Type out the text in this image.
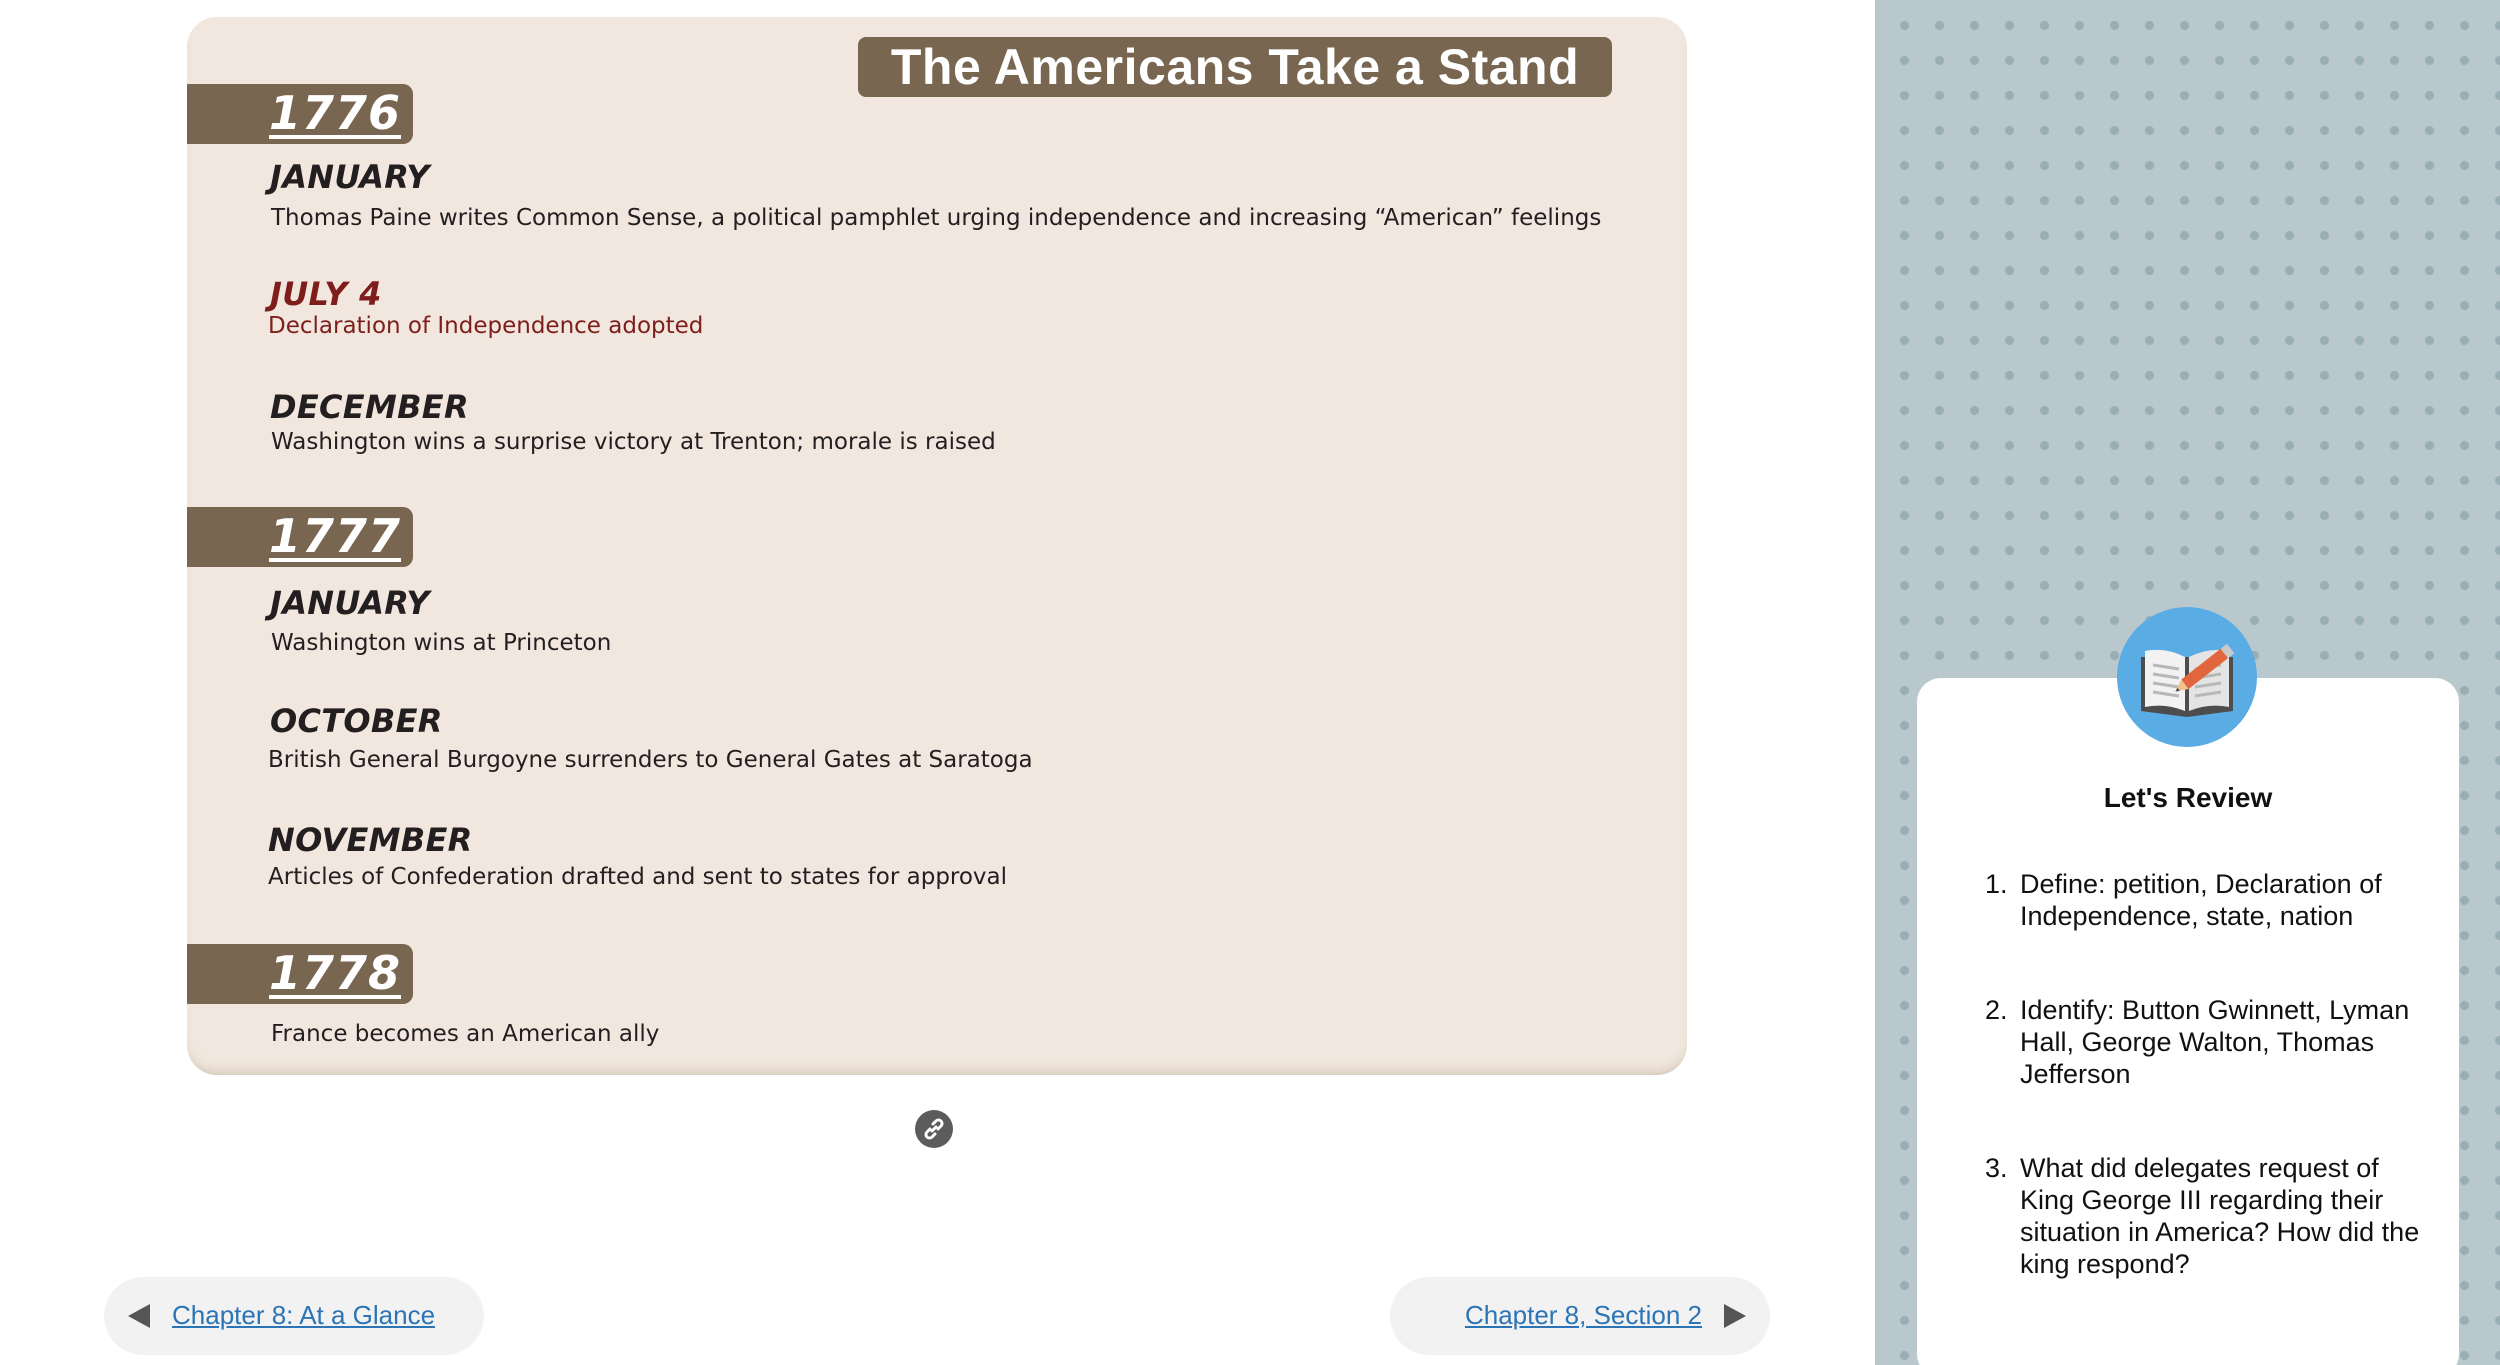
The Americans Take a Stand
1776
JANUARY
Thomas Paine writes Common Sense, a political pamphlet urging independence and increasing “American” feelings
JULY 4
Declaration of Independence adopted
DECEMBER
Washington wins a surprise victory at Trenton; morale is raised
1777
JANUARY
Washington wins at Princeton
OCTOBER
British General Burgoyne surrenders to General Gates at Saratoga
NOVEMBER
Articles of Confederation drafted and sent to states for approval
1778
France becomes an American ally
Chapter 8: At a Glance	Chapter 8, Section 2
Let's Review
1. Define: petition, Declaration of Independence, state, nation
2. Identify: Button Gwinnett, Lyman Hall, George Walton, Thomas Jefferson
3. What did delegates request of King George III regarding their situation in America? How did the king respond?
